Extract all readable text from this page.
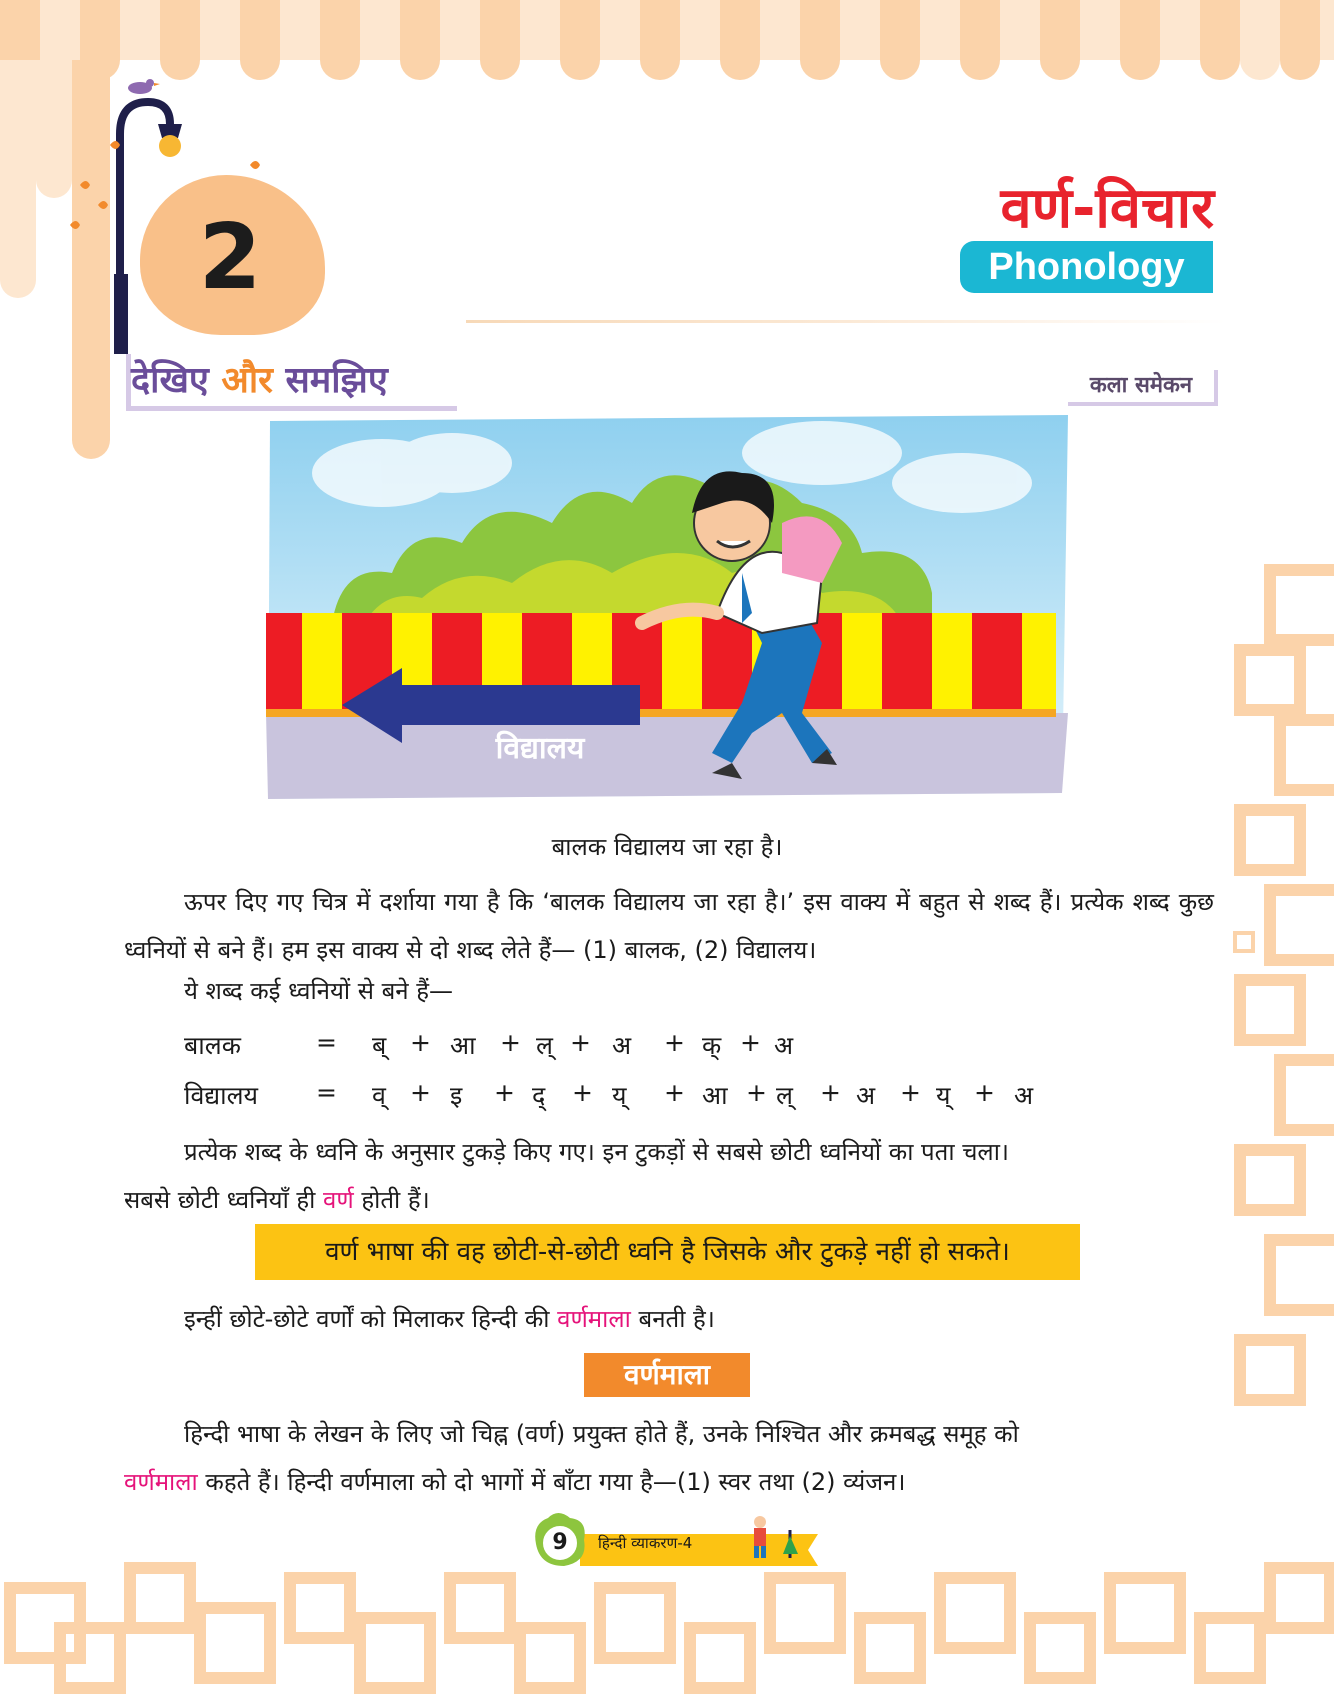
2	वर्ण-विचार
Phonology
देखिए और समझिए	कला समेकन
विद्यालय
बालक विद्यालय जा रहा है।
ऊपर दिए गए चित्र में दर्शाया गया है कि ‘बालक विद्यालय जा रहा है।’ इस वाक्य में बहुत से शब्द हैं। प्रत्येक शब्द कुछ ध्वनियों से बने हैं। हम इस वाक्य से दो शब्द लेते हैं— (1) बालक, (2) विद्यालय।
ये शब्द कई ध्वनियों से बने हैं—
बालक	= ब् + आ + ल् + अ + क् + अ
विद्यालय = व् + इ + द् + य् + आ + ल् + अ + य् + अ
प्रत्येक शब्द के ध्वनि के अनुसार टुकड़े किए गए। इन टुकड़ों से सबसे छोटी ध्वनियों का पता चला।
सबसे छोटी ध्वनियाँ ही वर्ण होती हैं।
वर्ण भाषा की वह छोटी-से-छोटी ध्वनि है जिसके और टुकड़े नहीं हो सकते।
इन्हीं छोटे-छोटे वर्णों को मिलाकर हिन्दी की वर्णमाला बनती है।
वर्णमाला
हिन्दी भाषा के लेखन के लिए जो चिह्न (वर्ण) प्रयुक्त होते हैं, उनके निश्चित और क्रमबद्ध समूह को
वर्णमाला कहते हैं। हिन्दी वर्णमाला को दो भागों में बाँटा गया है—(1) स्वर तथा (2) व्यंजन।
9	हिन्दी व्याकरण-4
